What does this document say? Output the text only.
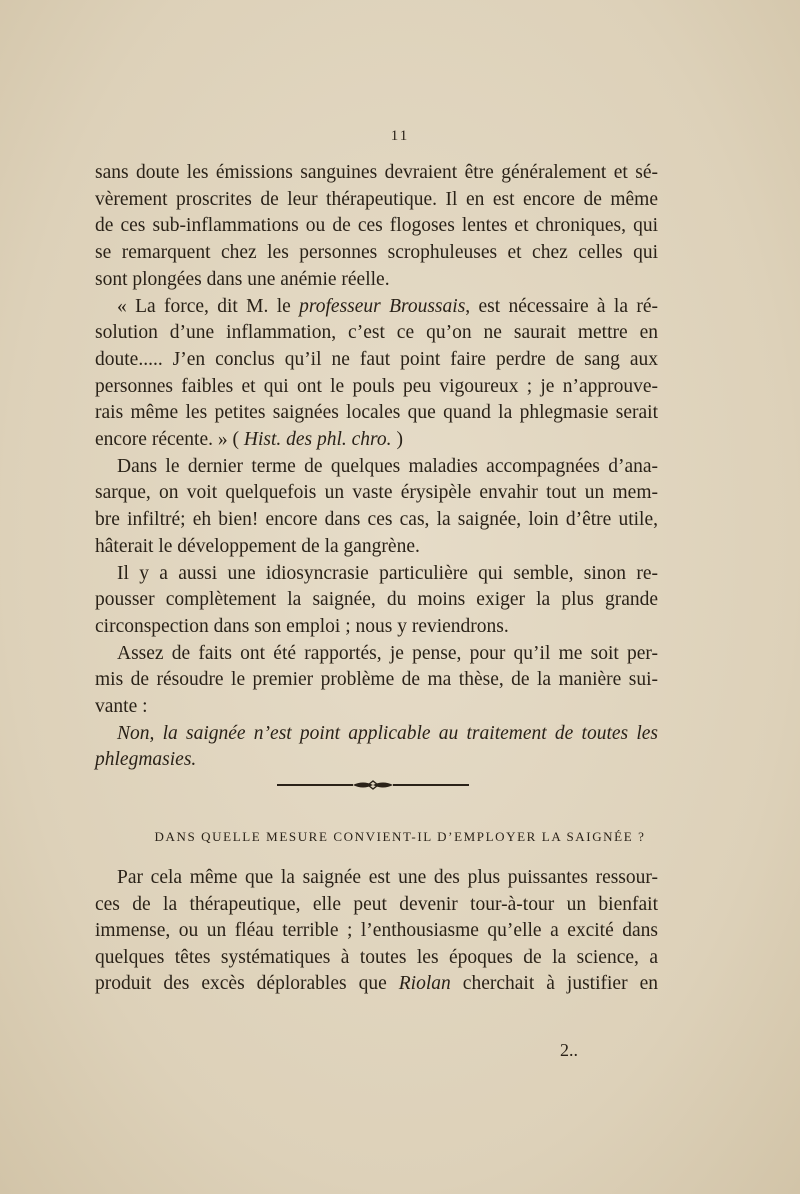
11
sans doute les émissions sanguines devraient être généralement et sé-
vèrement proscrites de leur thérapeutique. Il en est encore de même
de ces sub-inflammations ou de ces flogoses lentes et chroniques, qui
se remarquent chez les personnes scrophuleuses et chez celles qui
sont plongées dans une anémie réelle.
« La force, dit M. le professeur Broussais, est nécessaire à la ré-
solution d’une inflammation, c’est ce qu’on ne saurait mettre en
doute..... J’en conclus qu’il ne faut point faire perdre de sang aux
personnes faibles et qui ont le pouls peu vigoureux ; je n’approuve-
rais même les petites saignées locales que quand la phlegmasie serait
encore récente. » ( Hist. des phl. chro. )
Dans le dernier terme de quelques maladies accompagnées d’ana-
sarque, on voit quelquefois un vaste érysipèle envahir tout un mem-
bre infiltré; eh bien! encore dans ces cas, la saignée, loin d’être utile,
hâterait le développement de la gangrène.
Il y a aussi une idiosyncrasie particulière qui semble, sinon re-
pousser complètement la saignée, du moins exiger la plus grande
circonspection dans son emploi ; nous y reviendrons.
Assez de faits ont été rapportés, je pense, pour qu’il me soit per-
mis de résoudre le premier problème de ma thèse, de la manière sui-
vante :
Non, la saignée n’est point applicable au traitement de toutes les
phlegmasies.
DANS QUELLE MESURE CONVIENT-IL D’EMPLOYER LA SAIGNÉE ?
Par cela même que la saignée est une des plus puissantes ressour-
ces de la thérapeutique, elle peut devenir tour-à-tour un bienfait
immense, ou un fléau terrible ; l’enthousiasme qu’elle a excité dans
quelques têtes systématiques à toutes les époques de la science, a
produit des excès déplorables que Riolan cherchait à justifier en
2..
